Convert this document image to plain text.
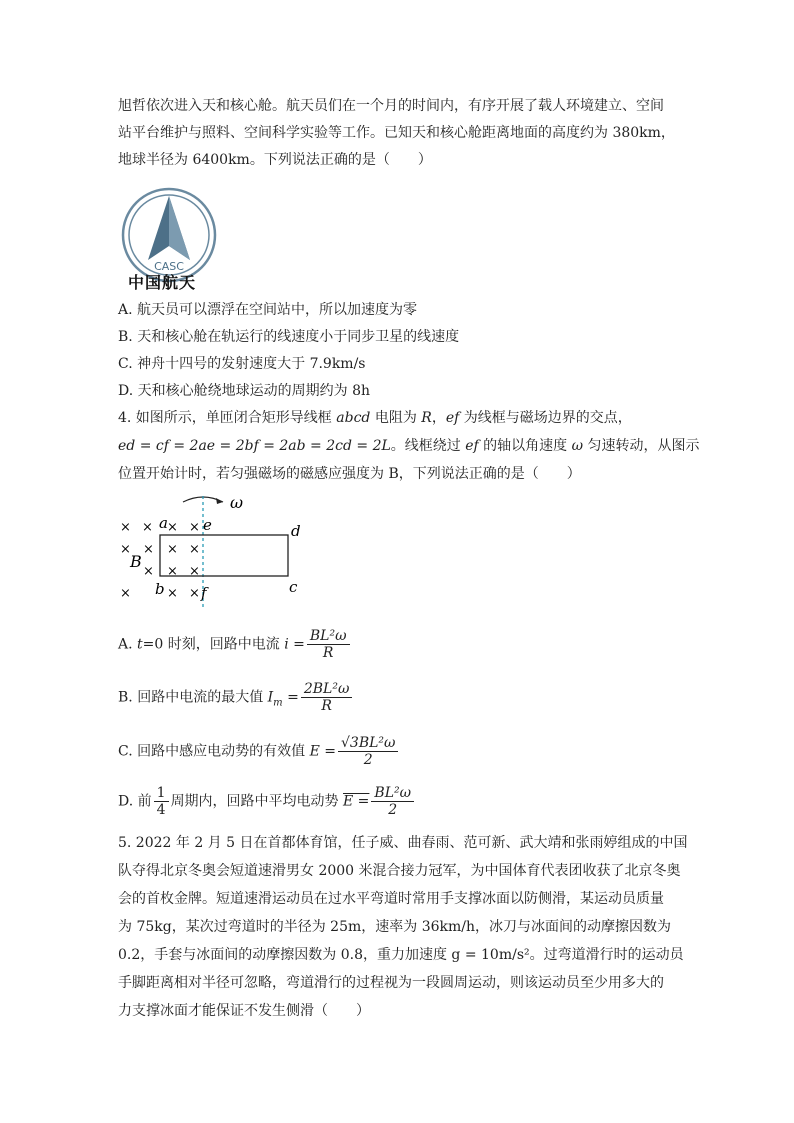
旭哲依次进入天和核心舱。航天员们在一个月的时间内，有序开展了载人环境建立、空间
站平台维护与照料、空间科学实验等工作。已知天和核心舱距离地面的高度约为 380km，
地球半径为 6400km。下列说法正确的是（　　）
CASC
中国航天
A. 航天员可以漂浮在空间站中，所以加速度为零
B. 天和核心舱在轨运行的线速度小于同步卫星的线速度
C. 神舟十四号的发射速度大于 7.9km/s
D. 天和核心舱绕地球运动的周期约为 8h
4. 如图所示，单匝闭合矩形导线框 abcd 电阻为 R，ef 为线框与磁场边界的交点，
ed = cf = 2ae = 2bf = 2ab = 2cd = 2L。线框绕过 ef 的轴以角速度 ω 匀速转动，从图示
位置开始计时，若匀强磁场的磁感应强度为 B，下列说法正确的是（　　）
ω
a
b	c
d
e
f
B
× × × ×
× × × ×
× × ×
×	× ×
A. t=0 时刻，回路中电流 $i = \frac{\text{BL²ω}}{R}$
B. 回路中电流的最大值 $I_m = \frac{\text{2BL²ω}}{R}$
C. 回路中感应电动势的有效值 $E = \frac{\text{√3BL²ω}}{2}$
D. 前 $\frac{1}{4}$ 周期内，回路中平均电动势 $E = \frac{\text{BL²ω}}{2}$
5. 2022 年 2 月 5 日在首都体育馆，任子威、曲春雨、范可新、武大靖和张雨婷组成的中国
队夺得北京冬奥会短道速滑男女 2000 米混合接力冠军，为中国体育代表团收获了北京冬奥
会的首枚金牌。短道速滑运动员在过水平弯道时常用手支撑冰面以防侧滑，某运动员质量
为 75kg，某次过弯道时的半径为 25m，速率为 36km/h，冰刀与冰面间的动摩擦因数为
0.2，手套与冰面间的动摩擦因数为 0.8，重力加速度 g = 10m/s²。过弯道滑行时的运动员
手脚距离相对半径可忽略，弯道滑行的过程视为一段圆周运动，则该运动员至少用多大的
力支撑冰面才能保证不发生侧滑（　　）
